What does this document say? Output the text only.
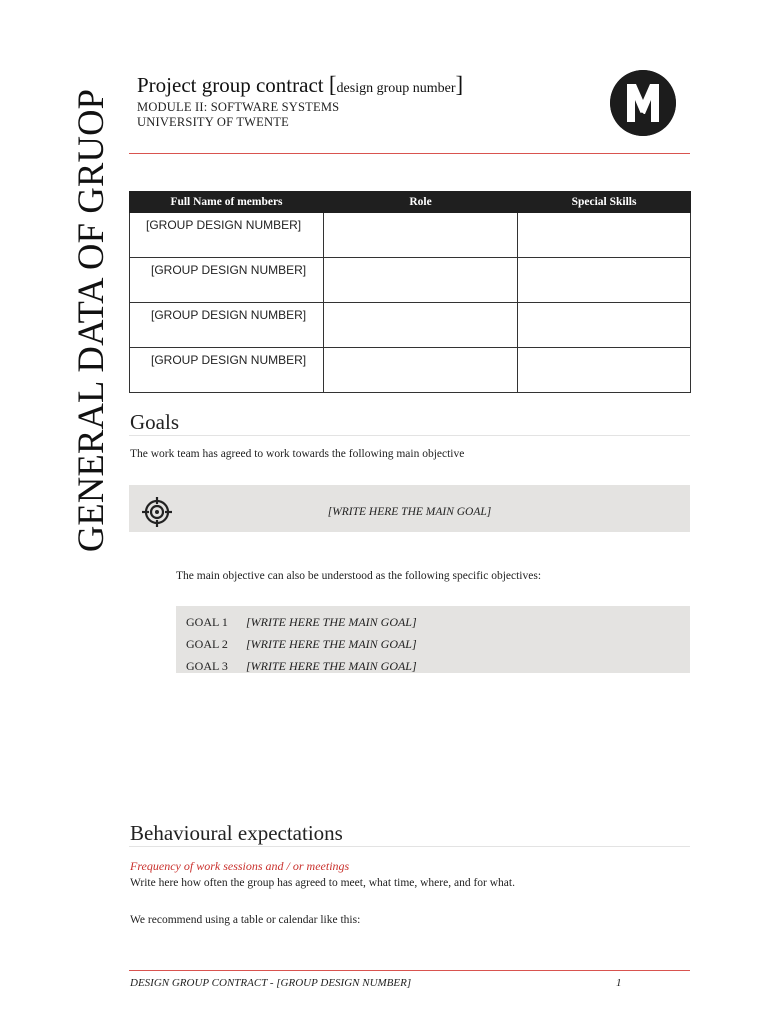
GENERAL DATA OF GRUOP
Project group contract [design group number]
MODULE II: SOFTWARE SYSTEMS
UNIVERSITY OF TWENTE	2
Full Name of members	Role	Special Skills
[GROUP DESIGN NUMBER]		
[GROUP DESIGN NUMBER]		
[GROUP DESIGN NUMBER]		
[GROUP DESIGN NUMBER]		
Goals
The work team has agreed to work towards the following main objective
[WRITE HERE THE MAIN GOAL]
The main objective can also be understood as the following specific objectives:
GOAL 1 [WRITE HERE THE MAIN GOAL]
GOAL 2 [WRITE HERE THE MAIN GOAL]
GOAL 3 [WRITE HERE THE MAIN GOAL]
Behavioural expectations
Frequency of work sessions and / or meetings
Write here how often the group has agreed to meet, what time, where, and for what.
We recommend using a table or calendar like this:
DESIGN GROUP CONTRACT - [GROUP DESIGN NUMBER]	1
